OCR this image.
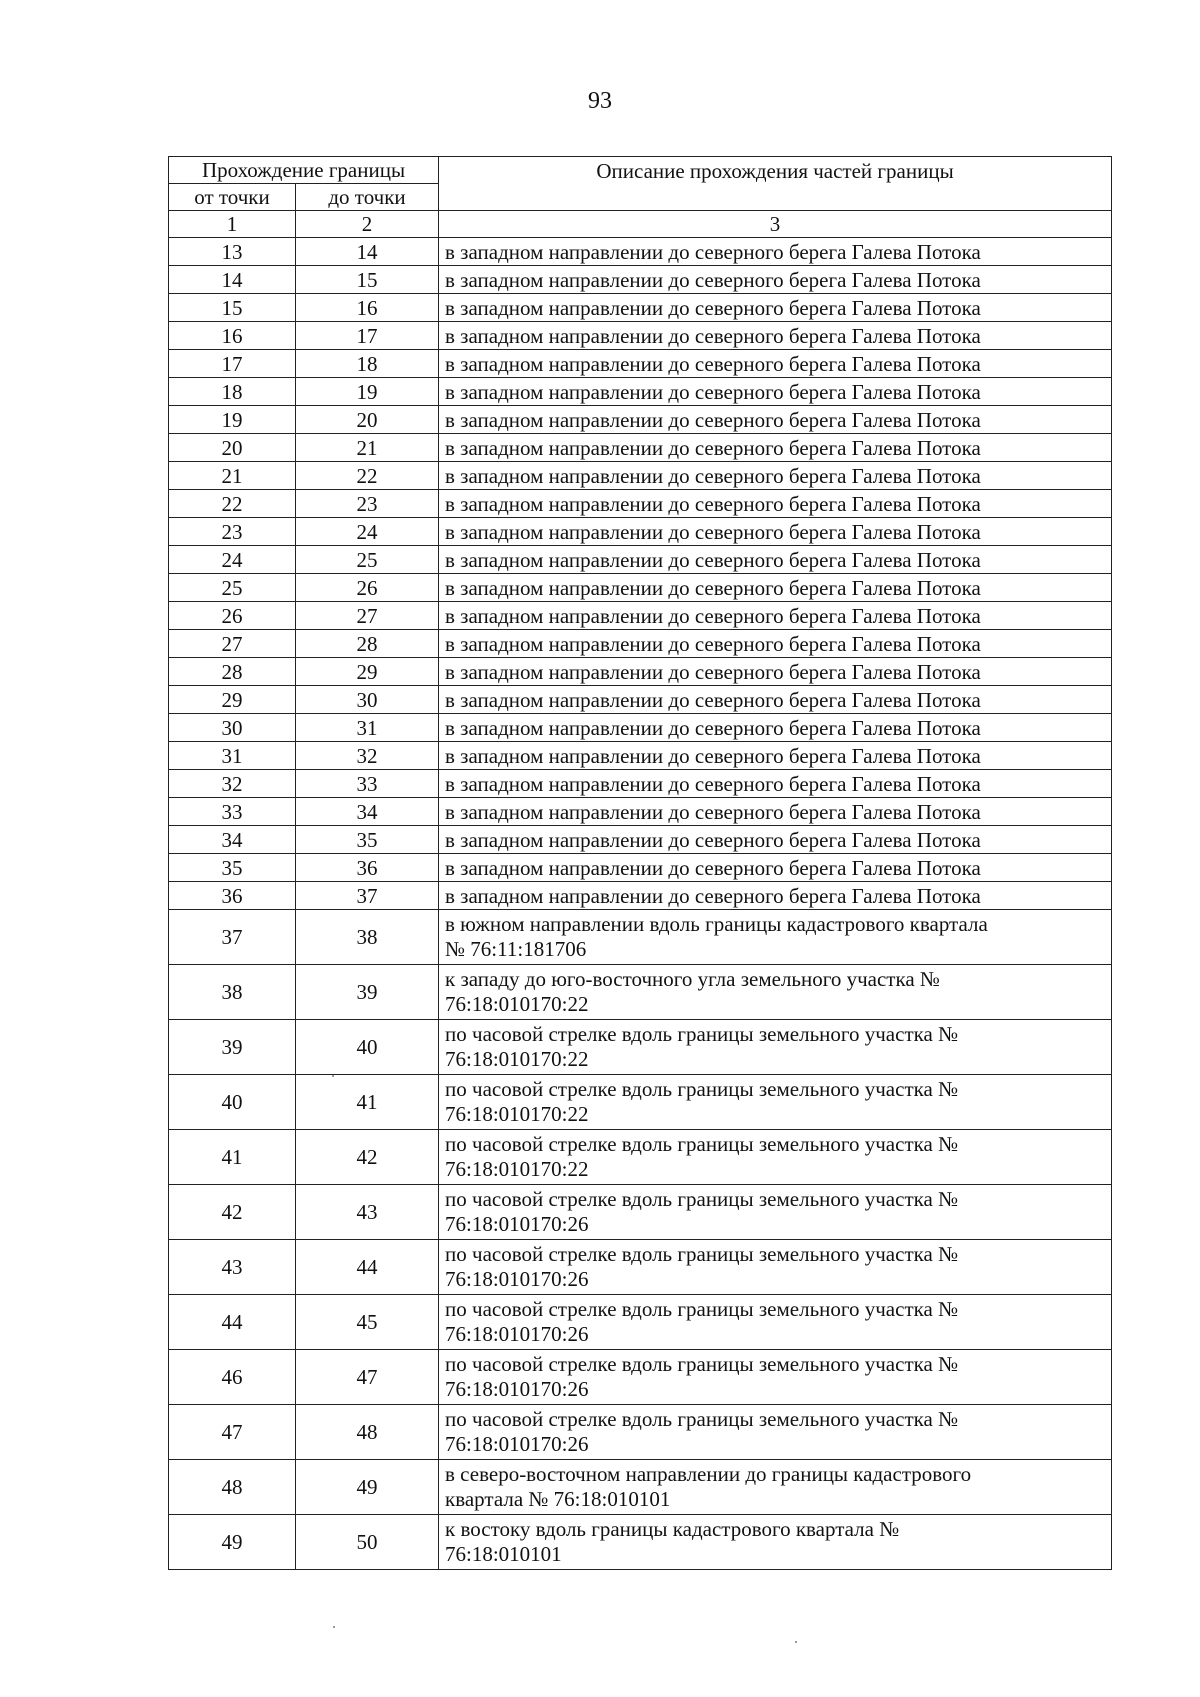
93
Прохождение границы		Описание прохождения частей границы
от точки	до точки	
1	2	3
13	14	в западном направлении до северного берега Галева Потока
14	15	в западном направлении до северного берега Галева Потока
15	16	в западном направлении до северного берега Галева Потока
16	17	в западном направлении до северного берега Галева Потока
17	18	в западном направлении до северного берега Галева Потока
18	19	в западном направлении до северного берега Галева Потока
19	20	в западном направлении до северного берега Галева Потока
20	21	в западном направлении до северного берега Галева Потока
21	22	в западном направлении до северного берега Галева Потока
22	23	в западном направлении до северного берега Галева Потока
23	24	в западном направлении до северного берега Галева Потока
24	25	в западном направлении до северного берега Галева Потока
25	26	в западном направлении до северного берега Галева Потока
26	27	в западном направлении до северного берега Галева Потока
27	28	в западном направлении до северного берега Галева Потока
28	29	в западном направлении до северного берега Галева Потока
29	30	в западном направлении до северного берега Галева Потока
30	31	в западном направлении до северного берега Галева Потока
31	32	в западном направлении до северного берега Галева Потока
32	33	в западном направлении до северного берега Галева Потока
33	34	в западном направлении до северного берега Галева Потока
34	35	в западном направлении до северного берега Галева Потока
35	36	в западном направлении до северного берега Галева Потока
36	37	в западном направлении до северного берега Галева Потока
37	38	в южном направлении вдоль границы кадастрового квартала
№ 76:11:181706
38	39	к западу до юго-восточного угла земельного участка №
76:18:010170:22
39	40	по часовой стрелке вдоль границы земельного участка №
76:18:010170:22
40	41	по часовой стрелке вдоль границы земельного участка №
76:18:010170:22
41	42	по часовой стрелке вдоль границы земельного участка №
76:18:010170:22
42	43	по часовой стрелке вдоль границы земельного участка №
76:18:010170:26
43	44	по часовой стрелке вдоль границы земельного участка №
76:18:010170:26
44	45	по часовой стрелке вдоль границы земельного участка №
76:18:010170:26
46	47	по часовой стрелке вдоль границы земельного участка №
76:18:010170:26
47	48	по часовой стрелке вдоль границы земельного участка №
76:18:010170:26
48	49	в северо-восточном направлении до границы кадастрового
квартала № 76:18:010101
49	50	к востоку вдоль границы кадастрового квартала №
76:18:010101
